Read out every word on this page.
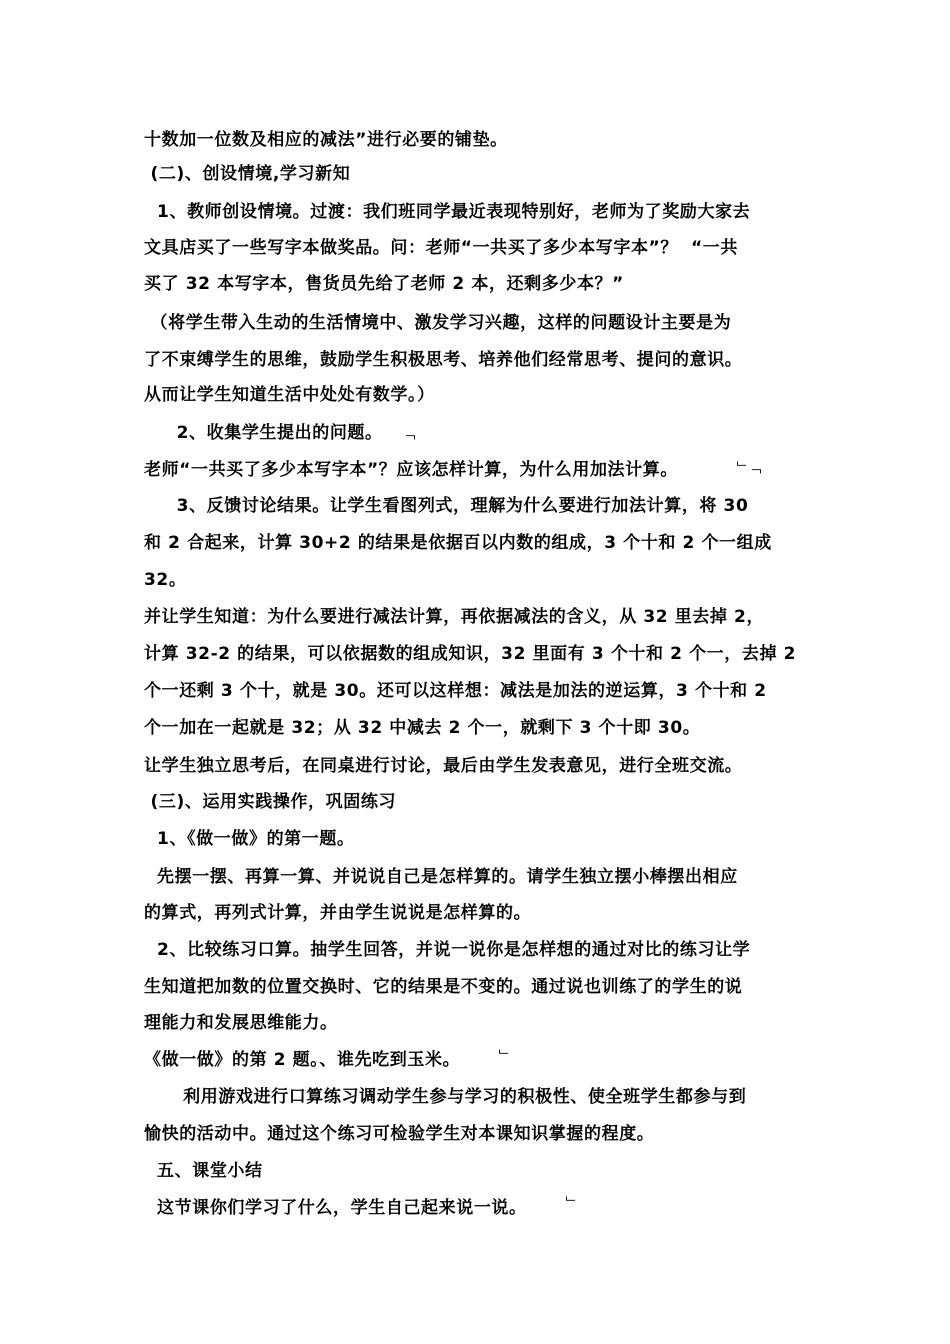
十数加一位数及相应的减法”进行必要的铺垫。
(二)、创设情境,学习新知
1、教师创设情境。过渡：我们班同学最近表现特别好，老师为了奖励大家去
文具店买了一些写字本做奖品。问：老师“一共买了多少本写字本”？  “一共
买了 32 本写字本，售货员先给了老师 2 本，还剩多少本？”
（将学生带入生动的生活情境中、激发学习兴趣，这样的问题设计主要是为
了不束缚学生的思维，鼓励学生积极思考、培养他们经常思考、提问的意识。
从而让学生知道生活中处处有数学。）
2、收集学生提出的问题。 ﹁
老师“一共买了多少本写字本”？应该怎样计算，为什么用加法计算。	﹂﹁
3、反馈讨论结果。让学生看图列式，理解为什么要进行加法计算，将 30
和 2 合起来，计算 30+2 的结果是依据百以内数的组成，3 个十和 2 个一组成
32。
并让学生知道：为什么要进行减法计算，再依据减法的含义，从 32 里去掉 2，
计算 32-2 的结果，可以依据数的组成知识，32 里面有 3 个十和 2 个一，去掉 2
个一还剩 3 个十，就是 30。还可以这样想：减法是加法的逆运算，3 个十和 2
个一加在一起就是 32；从 32 中减去 2 个一，就剩下 3 个十即 30。
让学生独立思考后，在同桌进行讨论，最后由学生发表意见，进行全班交流。
(三)、运用实践操作，巩固练习
1、《做一做》的第一题。
先摆一摆、再算一算、并说说自己是怎样算的。请学生独立摆小棒摆出相应
的算式，再列式计算，并由学生说说是怎样算的。
2、比较练习口算。抽学生回答，并说一说你是怎样想的通过对比的练习让学
生知道把加数的位置交换时、它的结果是不变的。通过说也训练了的学生的说
理能力和发展思维能力。
《做一做》的第 2 题。、谁先吃到玉米。	﹂
利用游戏进行口算练习调动学生参与学习的积极性、使全班学生都参与到
愉快的活动中。通过这个练习可检验学生对本课知识掌握的程度。
五、课堂小结
这节课你们学习了什么，学生自己起来说一说。	﹂
